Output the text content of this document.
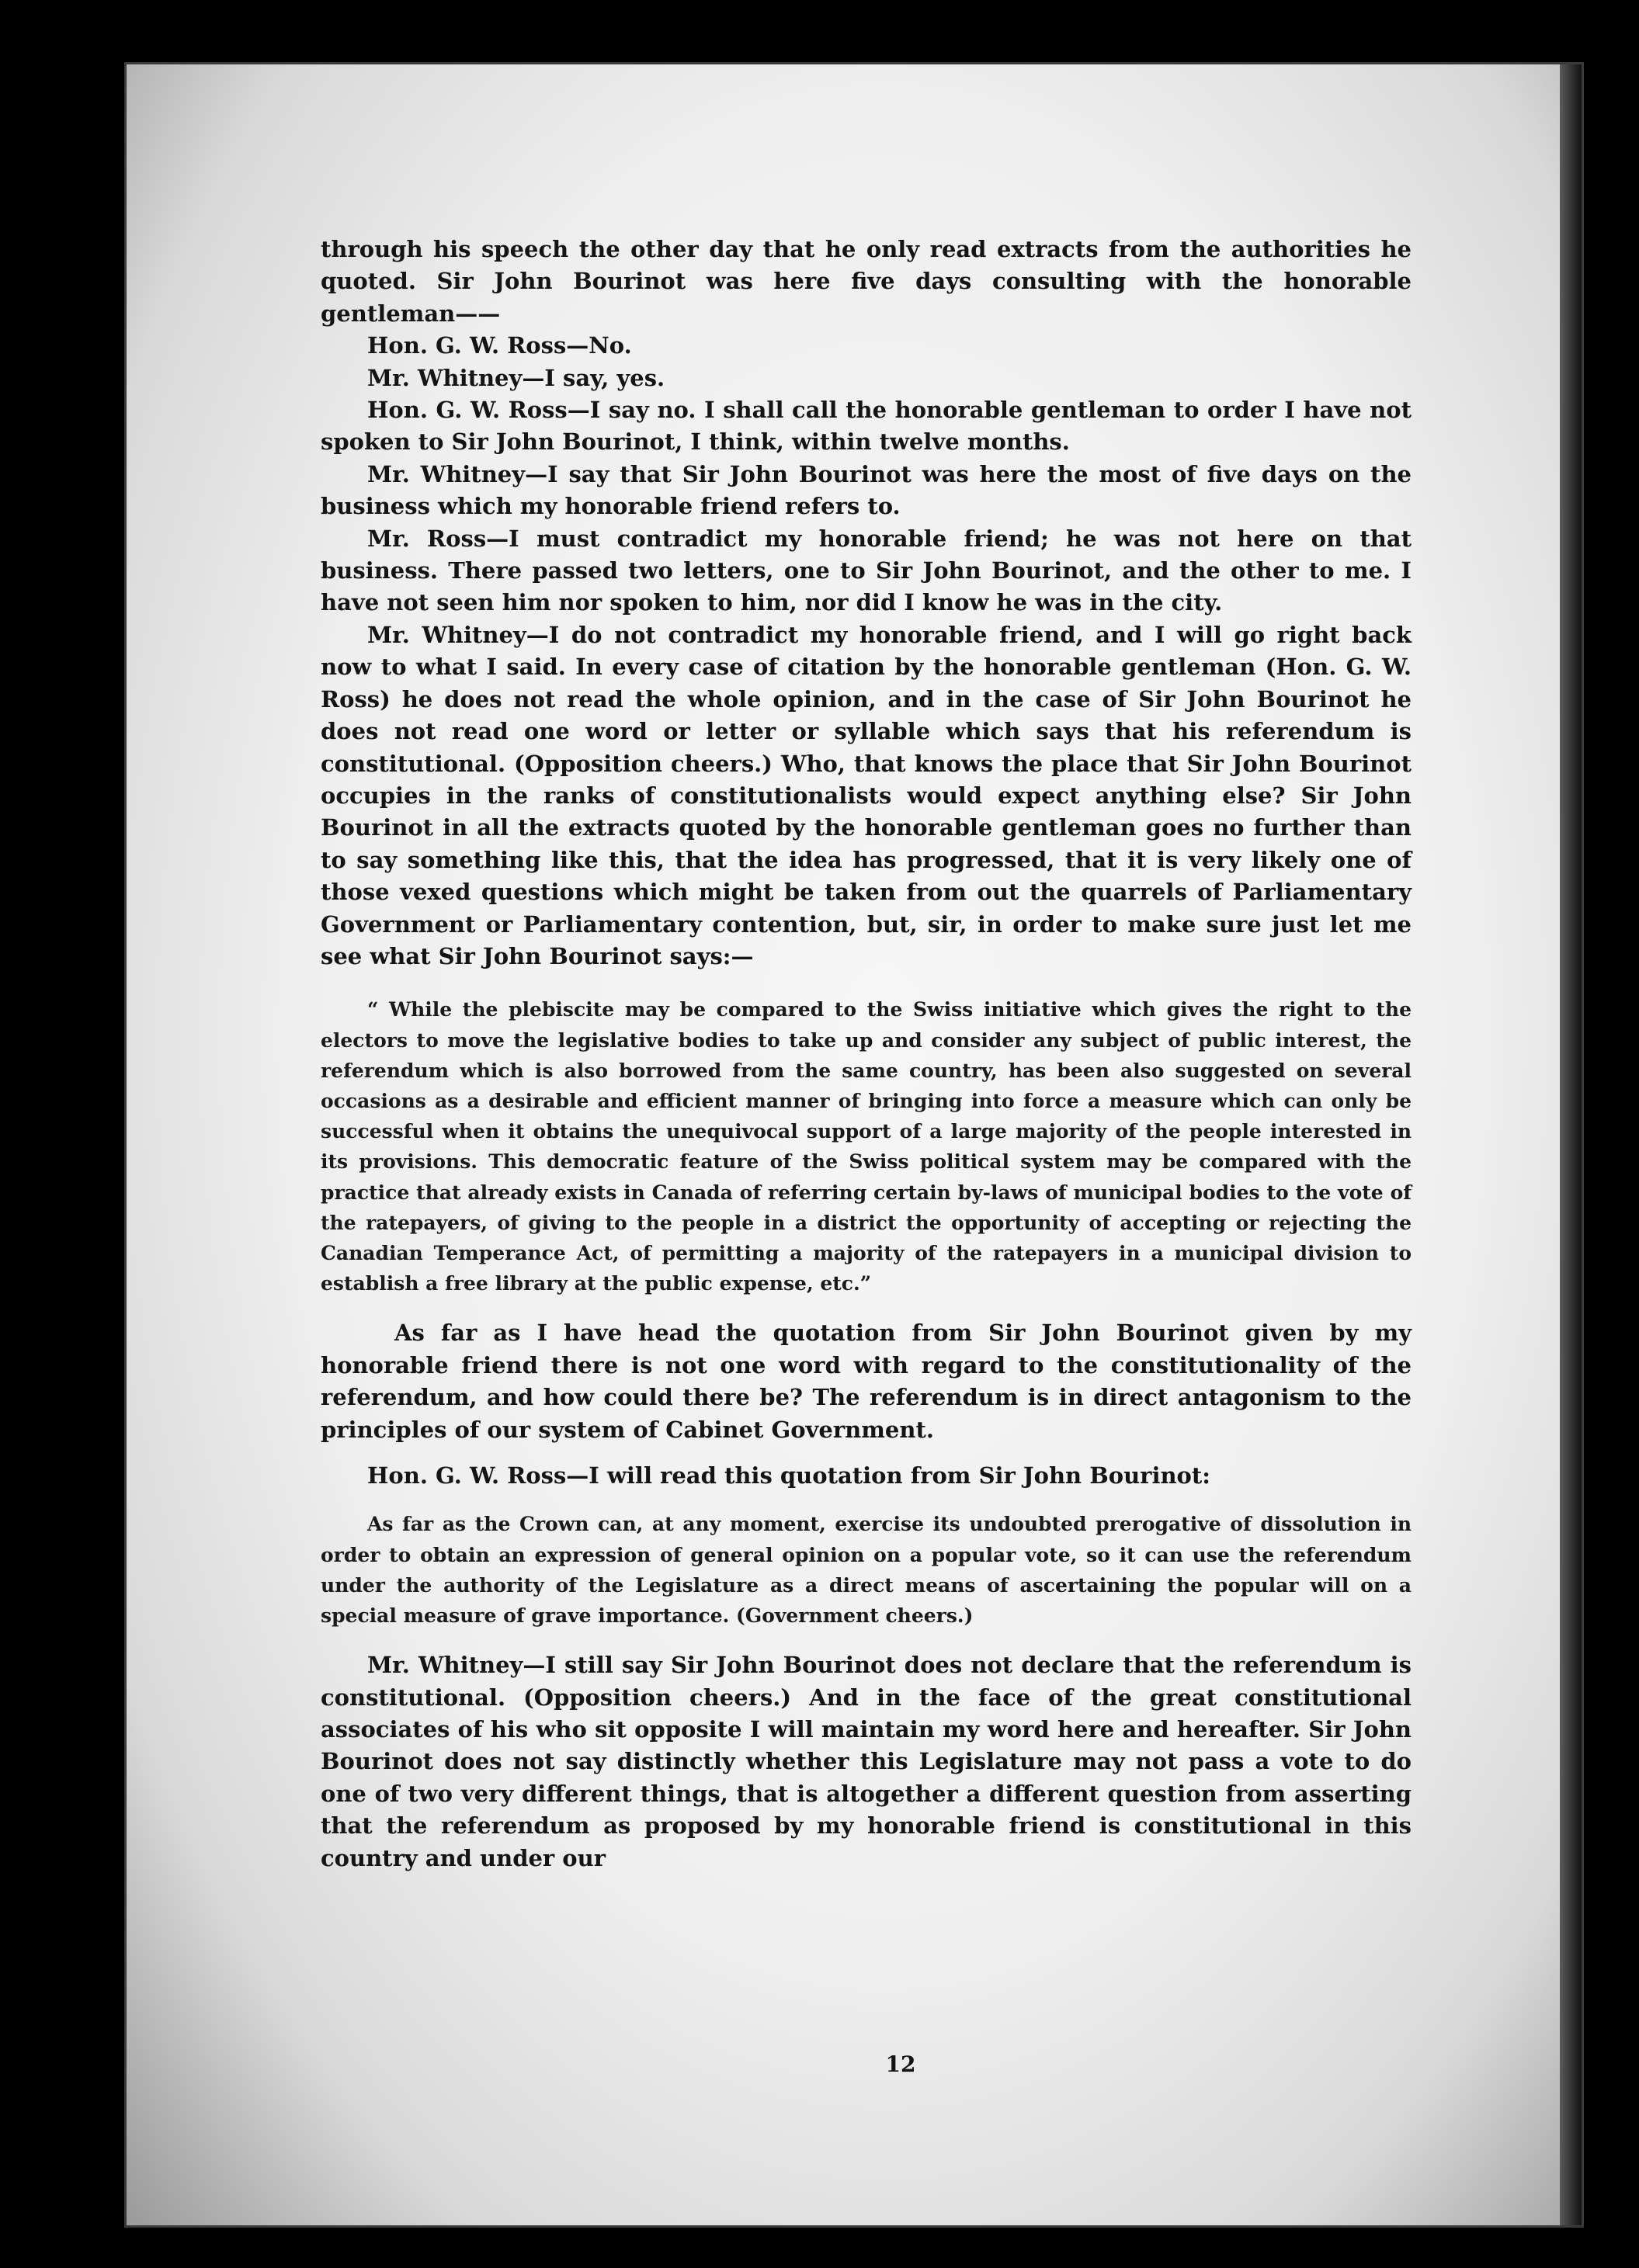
through his speech the other day that he only read extracts from the authorities he quoted. Sir John Bourinot was here five days consulting with the honorable gentleman——

Hon. G. W. Ross—No.

Mr. Whitney—I say, yes.

Hon. G. W. Ross—I say no. I shall call the honorable gentleman to order I have not spoken to Sir John Bourinot, I think, within twelve months.

Mr. Whitney—I say that Sir John Bourinot was here the most of five days on the business which my honorable friend refers to.

Mr. Ross—I must contradict my honorable friend; he was not here on that business. There passed two letters, one to Sir John Bourinot, and the other to me. I have not seen him nor spoken to him, nor did I know he was in the city.

Mr. Whitney—I do not contradict my honorable friend, and I will go right back now to what I said. In every case of citation by the honorable gentleman (Hon. G. W. Ross) he does not read the whole opinion, and in the case of Sir John Bourinot he does not read one word or letter or syllable which says that his referendum is constitutional. (Opposition cheers.) Who, that knows the place that Sir John Bourinot occupies in the ranks of constitutionalists would expect anything else? Sir John Bourinot in all the extracts quoted by the honorable gentleman goes no further than to say something like this, that the idea has progressed, that it is very likely one of those vexed questions which might be taken from out the quarrels of Parliamentary Government or Parliamentary contention, but, sir, in order to make sure just let me see what Sir John Bourinot says:—

“ While the plebiscite may be compared to the Swiss initiative which gives the right to the electors to move the legislative bodies to take up and consider any subject of public interest, the referendum which is also borrowed from the same country, has been also suggested on several occasions as a desirable and efficient manner of bringing into force a measure which can only be successful when it obtains the unequivocal support of a large majority of the people interested in its provisions. This democratic feature of the Swiss political system may be compared with the practice that already exists in Canada of referring certain by-laws of municipal bodies to the vote of the ratepayers, of giving to the people in a district the opportunity of accepting or rejecting the Canadian Temperance Act, of permitting a majority of the ratepayers in a municipal division to establish a free library at the public expense, etc.”

As far as I have head the quotation from Sir John Bourinot given by my honorable friend there is not one word with regard to the constitutionality of the referendum, and how could there be? The referendum is in direct antagonism to the principles of our system of Cabinet Government.

Hon. G. W. Ross—I will read this quotation from Sir John Bourinot:

As far as the Crown can, at any moment, exercise its undoubted prerogative of dissolution in order to obtain an expression of general opinion on a popular vote, so it can use the referendum under the authority of the Legislature as a direct means of ascertaining the popular will on a special measure of grave importance. (Government cheers.)

Mr. Whitney—I still say Sir John Bourinot does not declare that the referendum is constitutional. (Opposition cheers.) And in the face of the great constitutional associates of his who sit opposite I will maintain my word here and hereafter. Sir John Bourinot does not say distinctly whether this Legislature may not pass a vote to do one of two very different things, that is altogether a different question from asserting that the referendum as proposed by my honorable friend is constitutional in this country and under our

12
